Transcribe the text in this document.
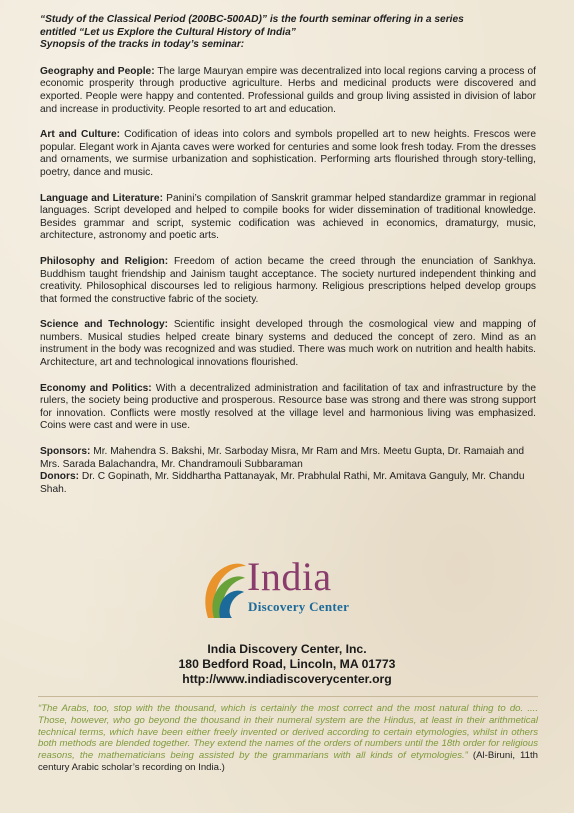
“Study of the Classical Period (200BC-500AD)” is the fourth seminar offering in a series
entitled “Let us Explore the Cultural History of India”
Synopsis of the tracks in today’s seminar:

Geography and People: The large Mauryan empire was decentralized into local regions carving a process of economic prosperity through productive agriculture. Herbs and medicinal products were discovered and exported. People were happy and contented. Professional guilds and group living assisted in division of labor and increase in productivity. People resorted to art and education.

Art and Culture: Codification of ideas into colors and symbols propelled art to new heights. Frescos were popular. Elegant work in Ajanta caves were worked for centuries and some look fresh today. From the dresses and ornaments, we surmise urbanization and sophistication. Performing arts flourished through story-telling, poetry, dance and music.

Language and Literature: Panini’s compilation of Sanskrit grammar helped standardize grammar in regional languages. Script developed and helped to compile books for wider dissemination of traditional knowledge. Besides grammar and script, systemic codification was achieved in economics, dramaturgy, music, architecture, astronomy and poetic arts.

Philosophy and Religion: Freedom of action became the creed through the enunciation of Sankhya. Buddhism taught friendship and Jainism taught acceptance. The society nurtured independent thinking and creativity. Philosophical discourses led to religious harmony. Religious prescriptions helped develop groups that formed the constructive fabric of the society.

Science and Technology: Scientific insight developed through the cosmological view and mapping of numbers. Musical studies helped create binary systems and deduced the concept of zero. Mind as an instrument in the body was recognized and was studied. There was much work on nutrition and health habits. Architecture, art and technological innovations flourished.

Economy and Politics: With a decentralized administration and facilitation of tax and infrastructure by the rulers, the society being productive and prosperous. Resource base was strong and there was strong support for innovation. Conflicts were mostly resolved at the village level and harmonious living was emphasized. Coins were cast and were in use.

Sponsors: Mr. Mahendra S. Bakshi, Mr. Sarboday Misra, Mr Ram and Mrs. Meetu Gupta, Dr. Ramaiah and Mrs. Sarada Balachandra, Mr. Chandramouli Subbaraman

Donors: Dr. C Gopinath, Mr. Siddhartha Pattanayak, Mr. Prabhulal Rathi, Mr. Amitava Ganguly, Mr. Chandu Shah.

India
Discovery Center
India Discovery Center, Inc.
180 Bedford Road, Lincoln, MA 01773
http://www.indiadiscoverycenter.org
“The Arabs, too, stop with the thousand, which is certainly the most correct and the most natural thing to do. .... Those, however, who go beyond the thousand in their numeral system are the Hindus, at least in their arithmetical technical terms, which have been either freely invented or derived according to certain etymologies, whilst in others both methods are blended together. They extend the names of the orders of numbers until the 18th order for religious reasons, the mathematicians being assisted by the grammarians with all kinds of etymologies.” (Al-Biruni, 11th century Arabic scholar’s recording on India.)
